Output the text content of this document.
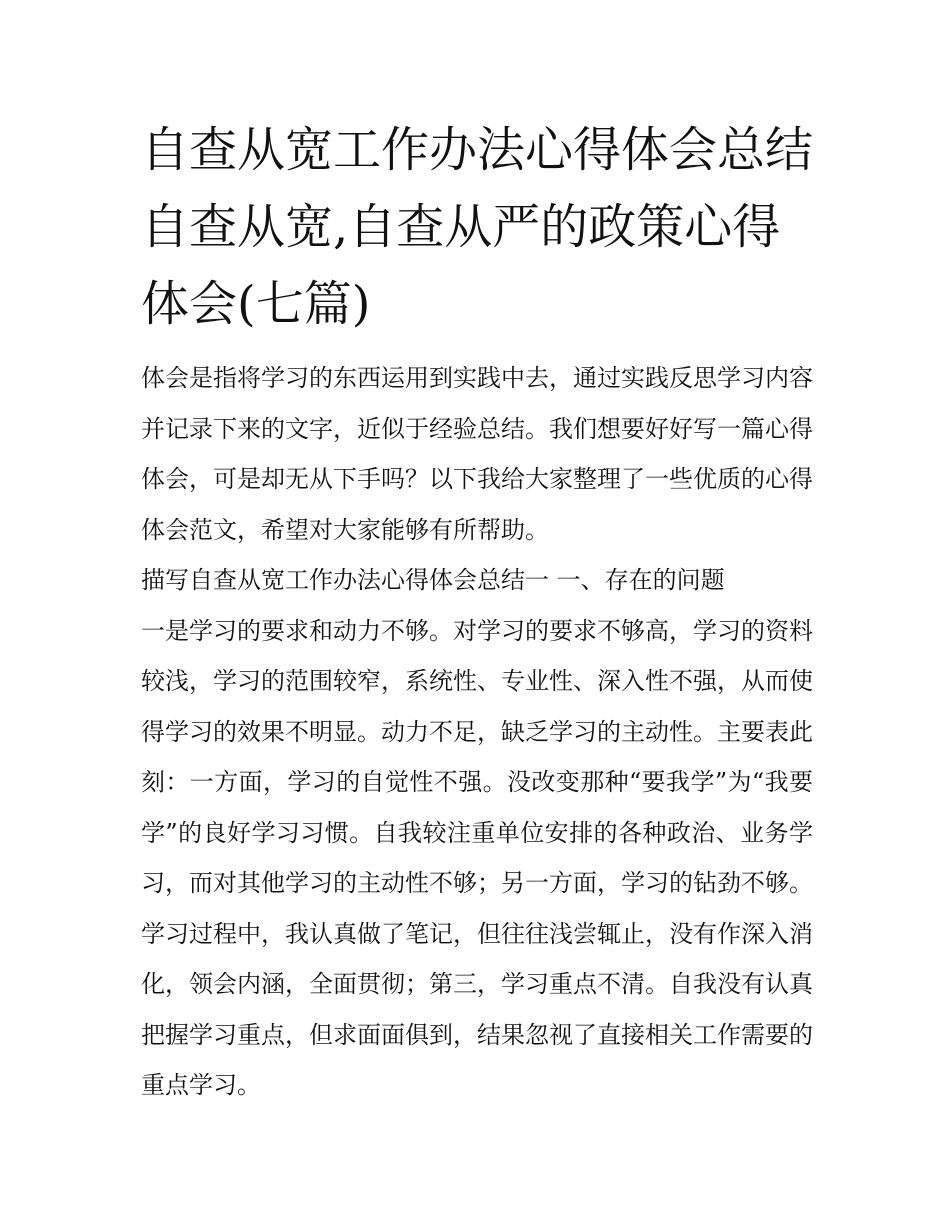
自查从宽工作办法心得体会总结 自查从宽,自查从严的政策心得体会(七篇)

体会是指将学习的东西运用到实践中去，通过实践反思学习内容并记录下来的文字，近似于经验总结。我们想要好好写一篇心得体会，可是却无从下手吗？以下我给大家整理了一些优质的心得体会范文，希望对大家能够有所帮助。

描写自查从宽工作办法心得体会总结一 一、存在的问题

一是学习的要求和动力不够。对学习的要求不够高，学习的资料较浅，学习的范围较窄，系统性、专业性、深入性不强，从而使得学习的效果不明显。动力不足，缺乏学习的主动性。主要表此刻：一方面，学习的自觉性不强。没改变那种“要我学”为“我要学”的良好学习习惯。自我较注重单位安排的各种政治、业务学习，而对其他学习的主动性不够；另一方面，学习的钻劲不够。学习过程中，我认真做了笔记，但往往浅尝辄止，没有作深入消化，领会内涵，全面贯彻；第三，学习重点不清。自我没有认真把握学习重点，但求面面俱到，结果忽视了直接相关工作需要的重点学习。
